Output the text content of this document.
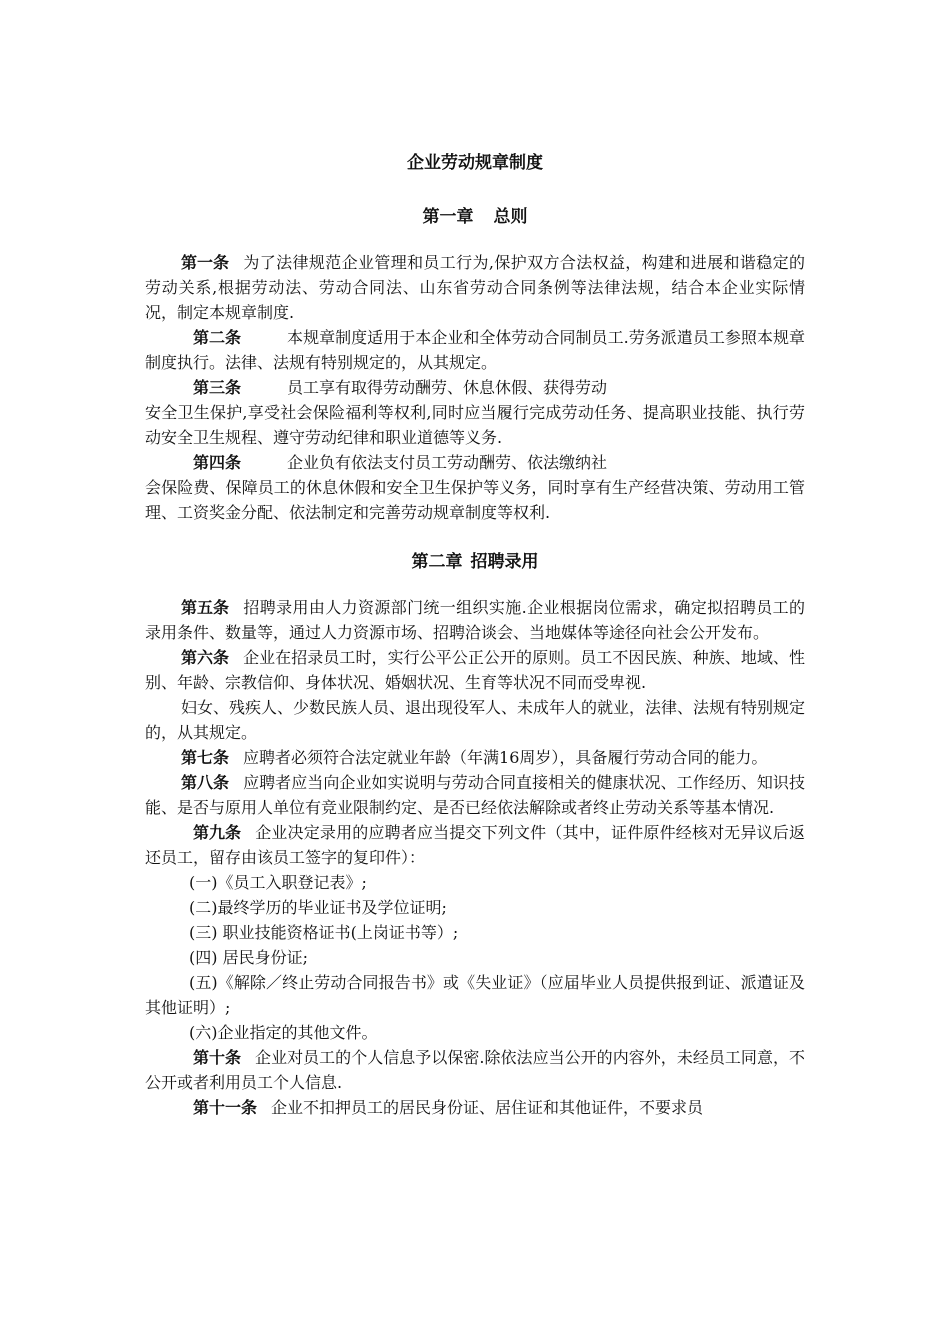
企业劳动规章制度
第一章 总则

第一条 为了法律规范企业管理和员工行为,保护双方合法权益，构建和进展和谐稳定的劳动关系,根据劳动法、劳动合同法、山东省劳动合同条例等法律法规，结合本企业实际情况，制定本规章制度.

第二条	本规章制度适用于本企业和全体劳动合同制员工.劳务派遣员工参照本规章制度执行。法律、法规有特别规定的，从其规定。

第三条	员工享有取得劳动酬劳、休息休假、获得劳动

安全卫生保护,享受社会保险福利等权利,同时应当履行完成劳动任务、提高职业技能、执行劳动安全卫生规程、遵守劳动纪律和职业道德等义务.

第四条	企业负有依法支付员工劳动酬劳、依法缴纳社

会保险费、保障员工的休息休假和安全卫生保护等义务，同时享有生产经营决策、劳动用工管理、工资奖金分配、依法制定和完善劳动规章制度等权利.

第二章 招聘录用

第五条 招聘录用由人力资源部门统一组织实施.企业根据岗位需求，确定拟招聘员工的录用条件、数量等，通过人力资源市场、招聘洽谈会、当地媒体等途径向社会公开发布。

第六条 企业在招录员工时，实行公平公正公开的原则。员工不因民族、种族、地域、性别、年龄、宗教信仰、身体状况、婚姻状况、生育等状况不同而受卑视.

妇女、残疾人、少数民族人员、退出现役军人、未成年人的就业，法律、法规有特别规定的，从其规定。

第七条 应聘者必须符合法定就业年龄（年满16周岁），具备履行劳动合同的能力。

第八条 应聘者应当向企业如实说明与劳动合同直接相关的健康状况、工作经历、知识技能、是否与原用人单位有竞业限制约定、是否已经依法解除或者终止劳动关系等基本情况.

第九条 企业决定录用的应聘者应当提交下列文件（其中，证件原件经核对无异议后返还员工，留存由该员工签字的复印件）：

(一)《员工入职登记表》;

(二)最终学历的毕业证书及学位证明;

(三) 职业技能资格证书(上岗证书等）;

(四) 居民身份证;

(五)《解除／终止劳动合同报告书》或《失业证》（应届毕业人员提供报到证、派遣证及其他证明）;

(六)企业指定的其他文件。

第十条 企业对员工的个人信息予以保密.除依法应当公开的内容外，未经员工同意，不公开或者利用员工个人信息.

第十一条 企业不扣押员工的居民身份证、居住证和其他证件，不要求员
